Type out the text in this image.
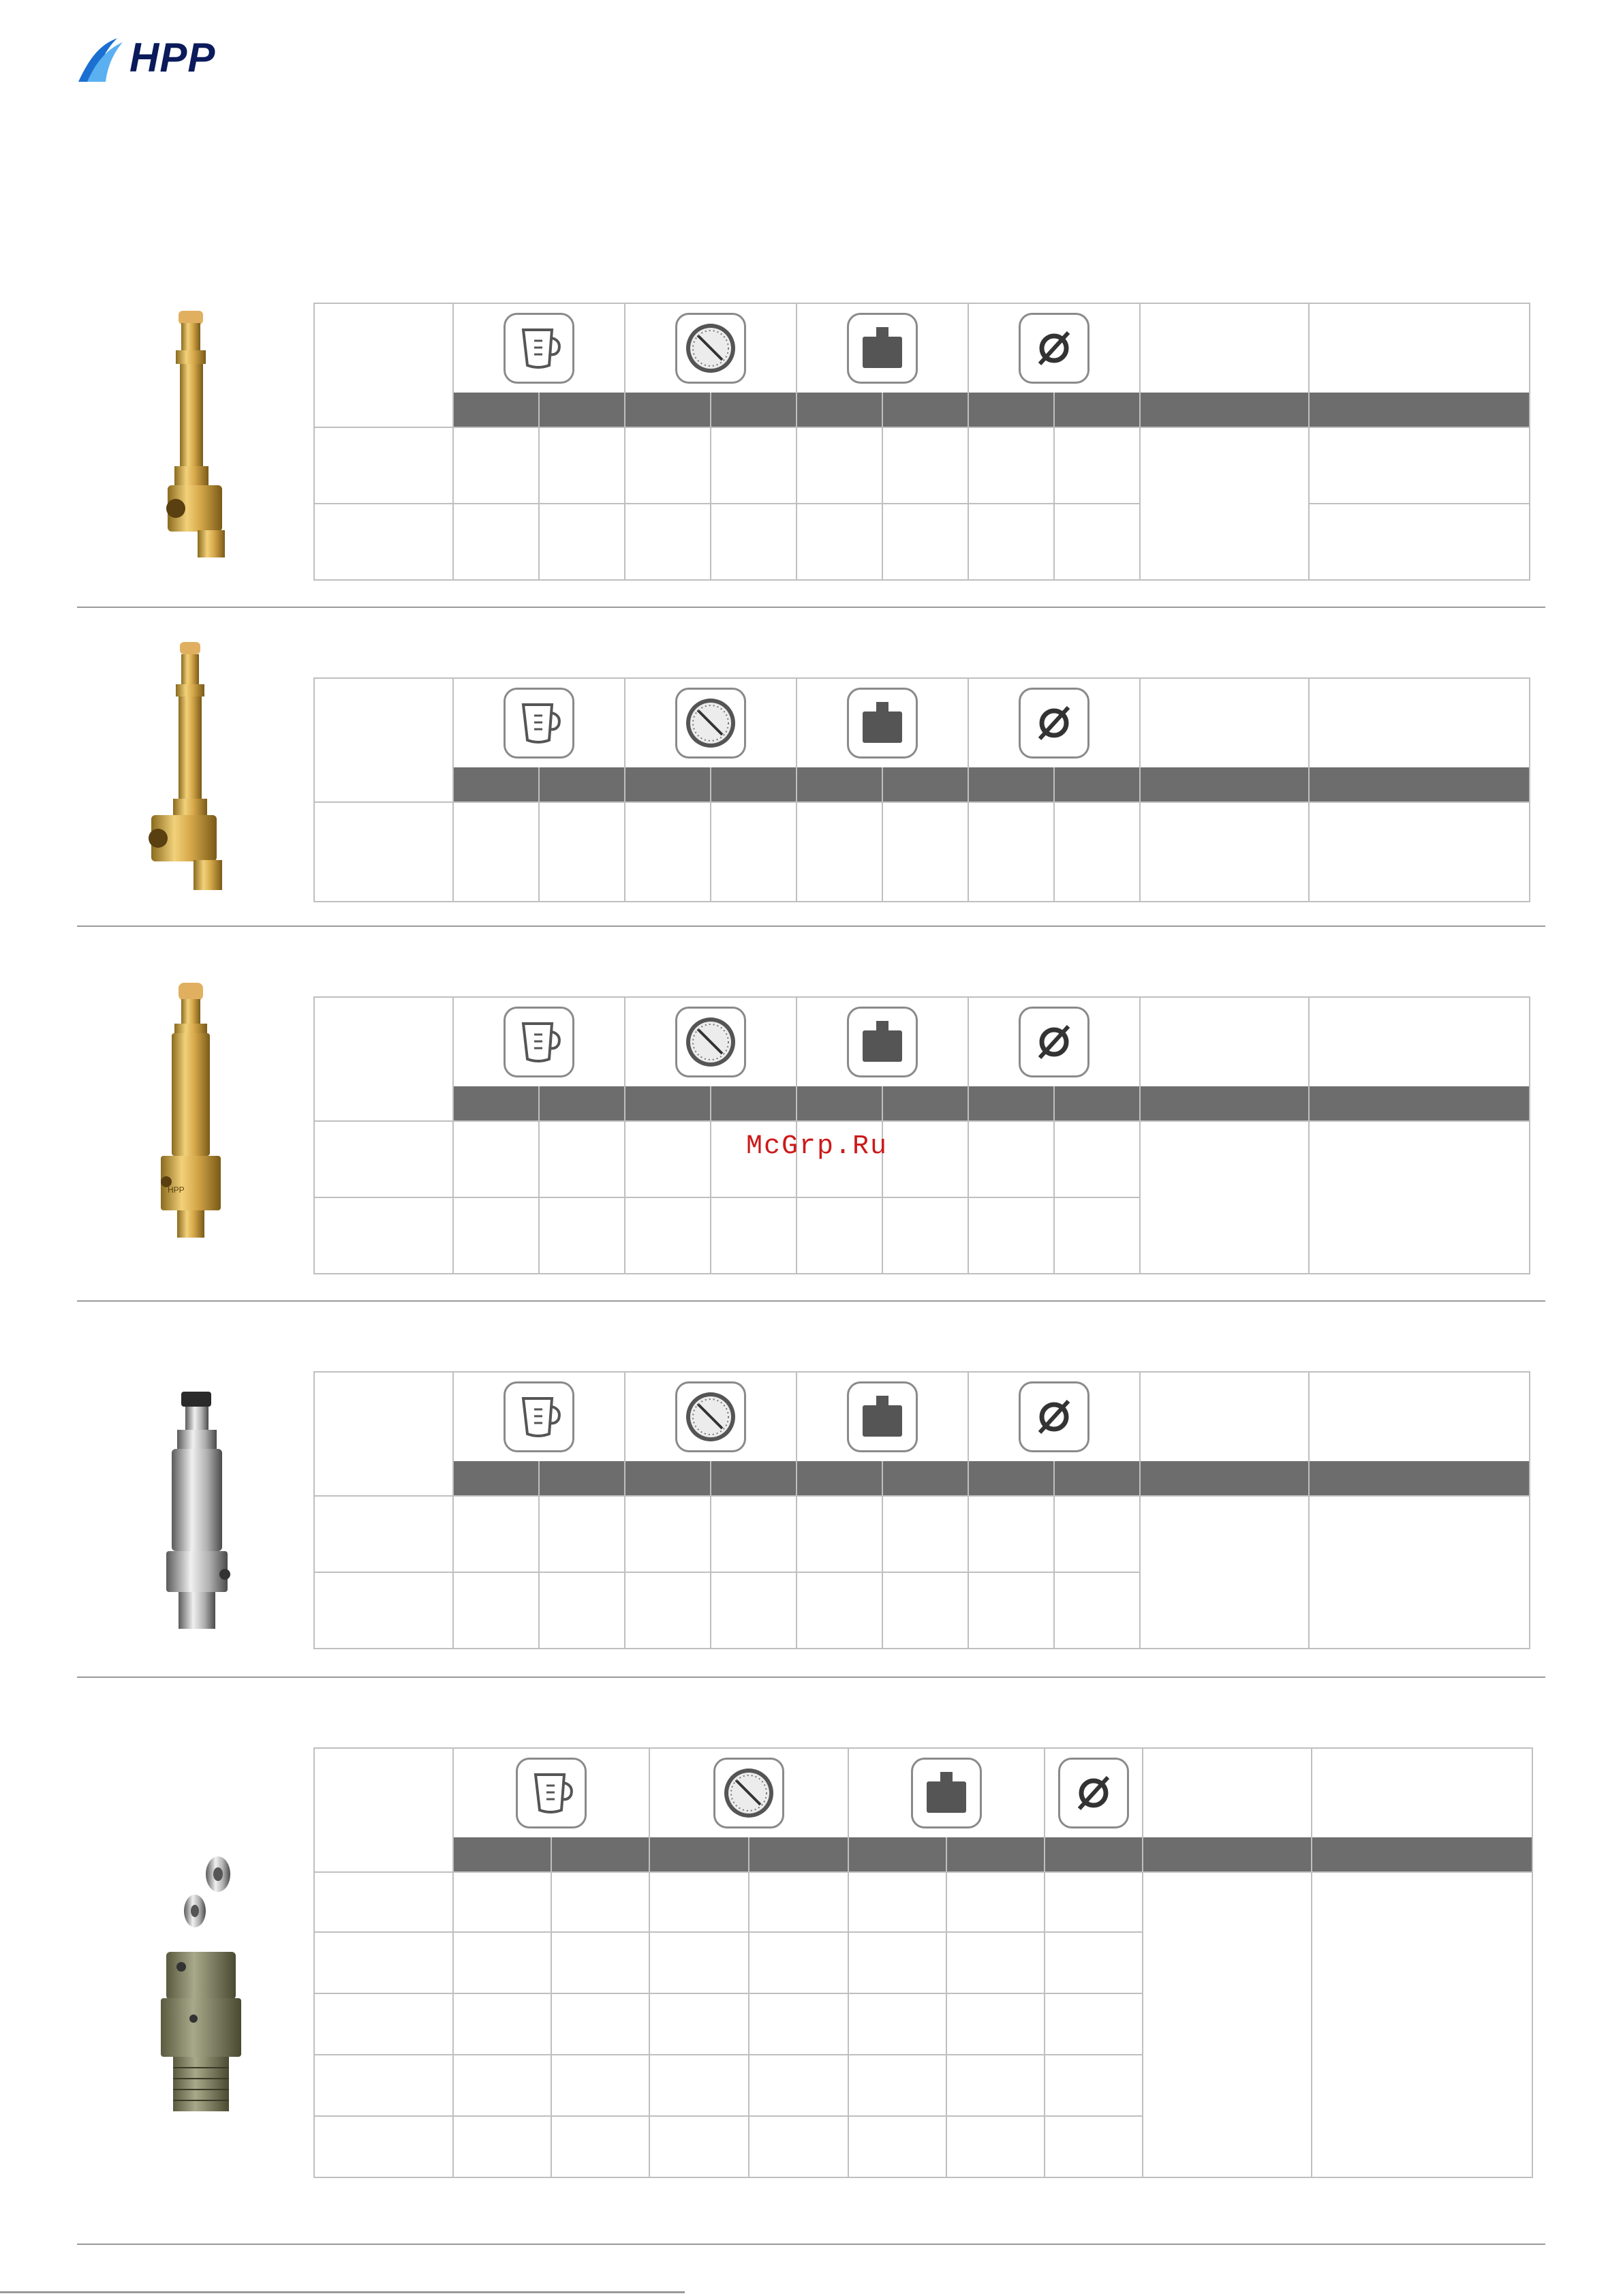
HPP

HPP

McGrp.Ru
